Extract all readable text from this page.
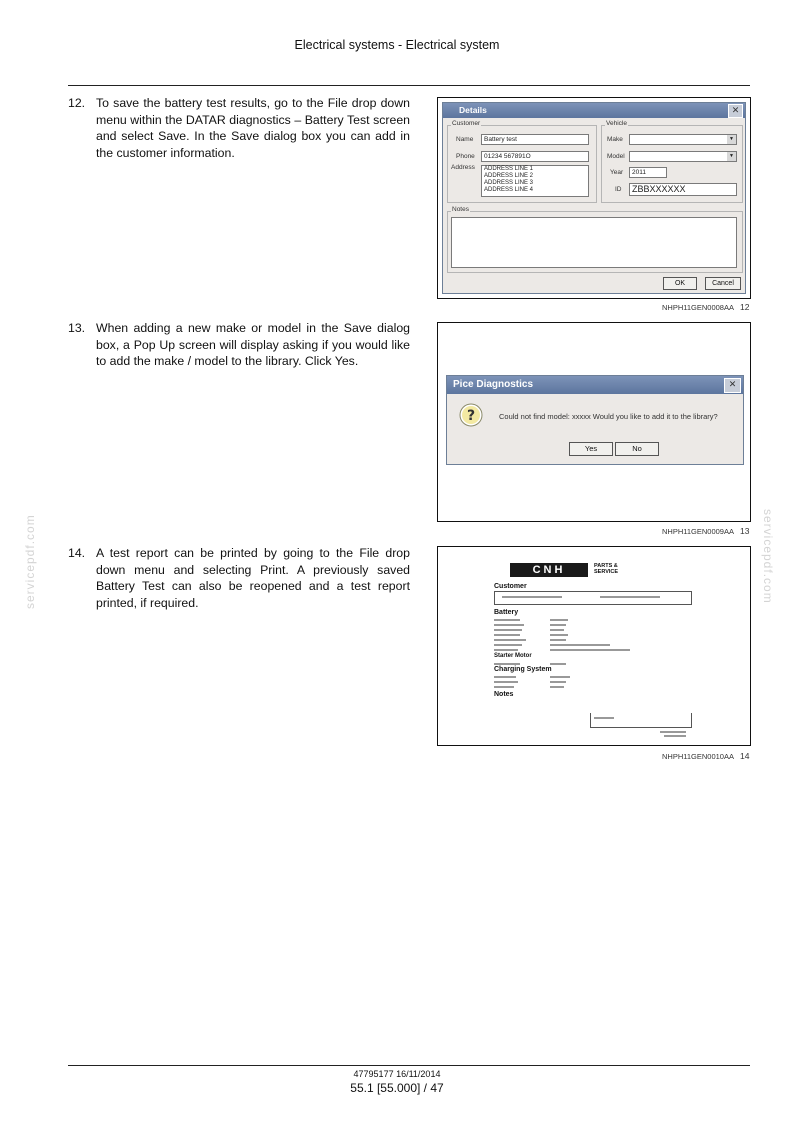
Electrical systems - Electrical system
12. To save the battery test results, go to the File drop down menu within the DATAR diagnostics – Battery Test screen and select Save. In the Save dialog box you can add in the customer information.
13. When adding a new make or model in the Save dialog box, a Pop Up screen will display asking if you would like to add the make / model to the library. Click Yes.
14. A test report can be printed by going to the File drop down menu and selecting Print. A previously saved Battery Test can also be reopened and a test report printed, if required.
Details	✕
Customer
Name	Battery test
Phone	01234 567891O
Address ADDRESS LINE 1
ADDRESS LINE 2
ADDRESS LINE 3
ADDRESS LINE 4
Vehicle
Make	▼
Model	▼
Year	2011
ID	ZBBXXXXXX
Notes
OK	Cancel
NHPH11GEN0008AA 12
Pice Diagnostics	✕
?	Could not find model: xxxxx Would you like to add it to the library?
Yes	No
NHPH11GEN0009AA 13
CNH	PARTS &
SERVICE
Customer
Battery
Starter Motor
Charging System
Notes
NHPH11GEN0010AA 14
servicepdf.com	servicepdf.com
47795177 16/11/2014
55.1 [55.000] / 47
